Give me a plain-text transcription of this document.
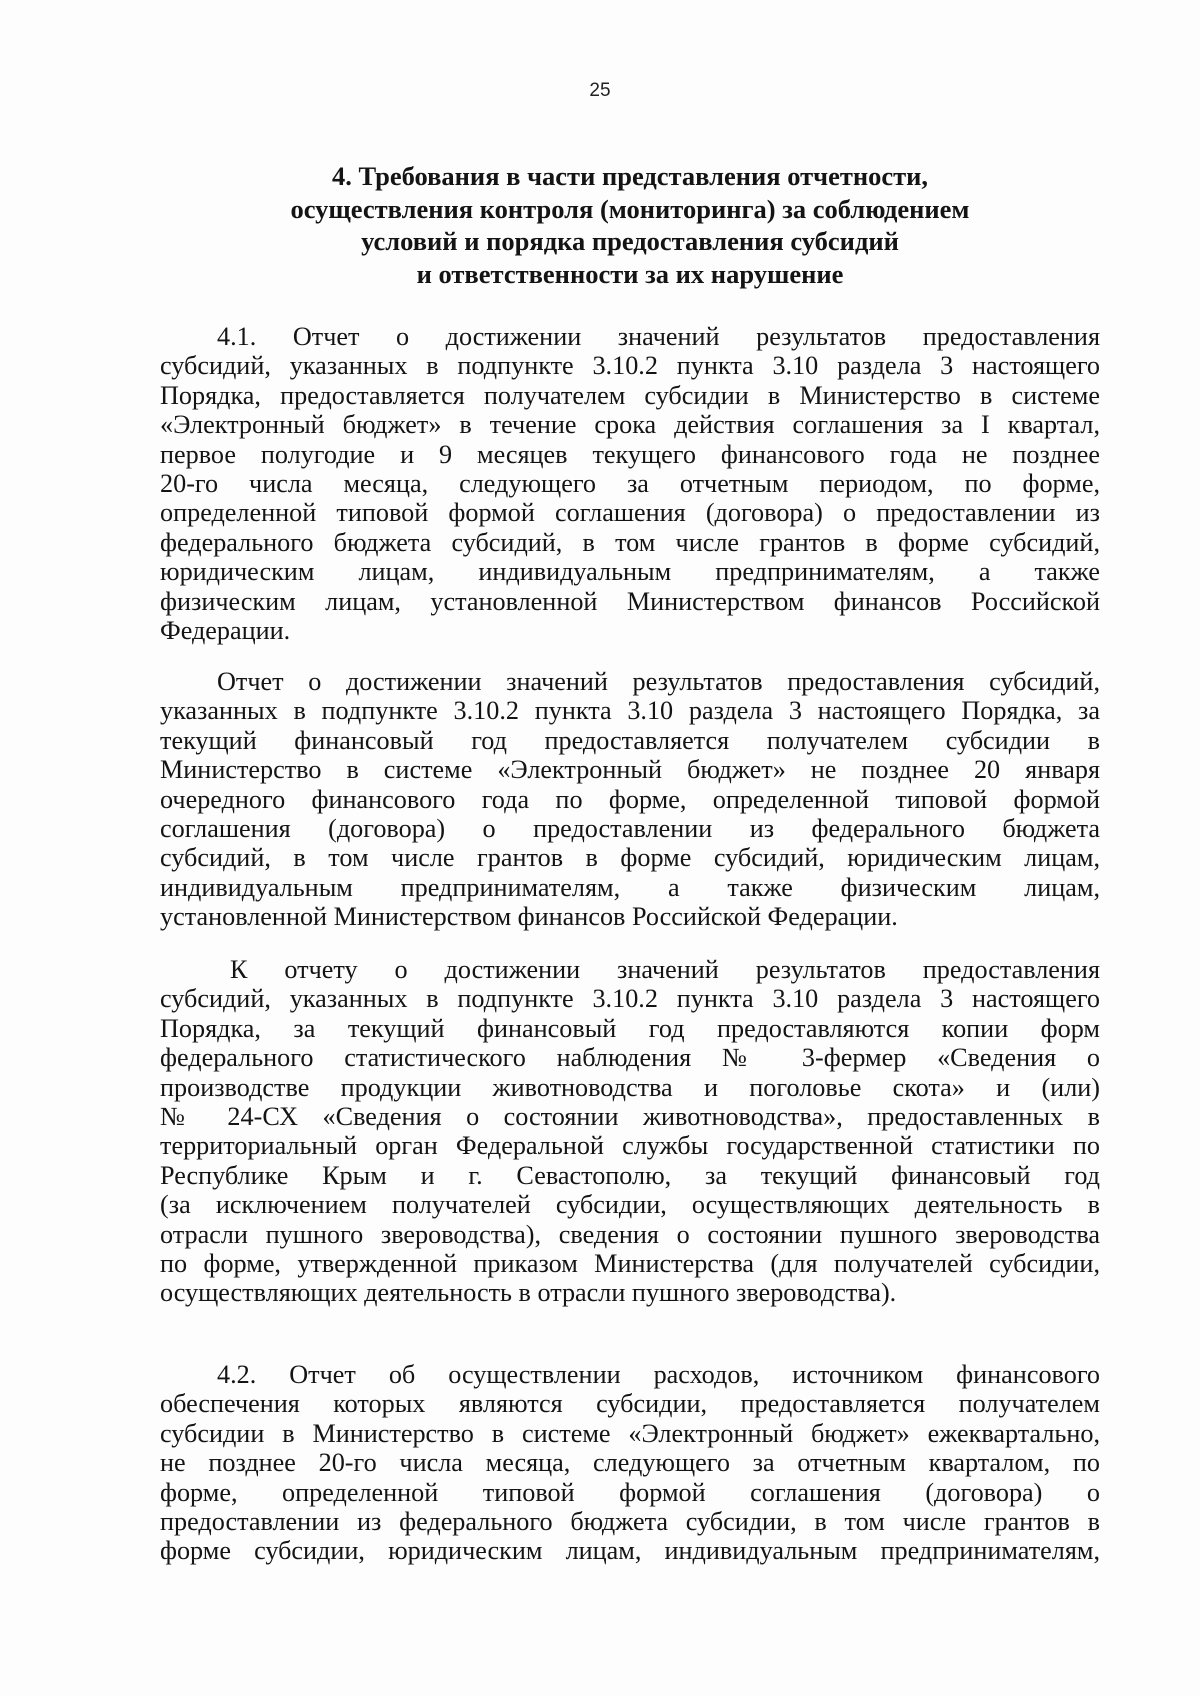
25
4. Требования в части представления отчетности,
осуществления контроля (мониторинга) за соблюдением
условий и порядка предоставления субсидий
и ответственности за их нарушение
4.1. Отчет о достижении значений результатов предоставления
субсидий, указанных в подпункте 3.10.2 пункта 3.10 раздела 3 настоящего
Порядка, предоставляется получателем субсидии в Министерство в системе
«Электронный бюджет» в течение срока действия соглашения за I квартал,
первое полугодие и 9 месяцев текущего финансового года не позднее
20-го числа месяца, следующего за отчетным периодом, по форме,
определенной типовой формой соглашения (договора) о предоставлении из
федерального бюджета субсидий, в том числе грантов в форме субсидий,
юридическим лицам, индивидуальным предпринимателям, а также
физическим лицам, установленной Министерством финансов Российской
Федерации.
Отчет о достижении значений результатов предоставления субсидий,
указанных в подпункте 3.10.2 пункта 3.10 раздела 3 настоящего Порядка, за
текущий финансовый год предоставляется получателем субсидии в
Министерство в системе «Электронный бюджет» не позднее 20 января
очередного финансового года по форме, определенной типовой формой
соглашения (договора) о предоставлении из федерального бюджета
субсидий, в том числе грантов в форме субсидий, юридическим лицам,
индивидуальным предпринимателям, а также физическим лицам,
установленной Министерством финансов Российской Федерации.
К отчету о достижении значений результатов предоставления
субсидий, указанных в подпункте 3.10.2 пункта 3.10 раздела 3 настоящего
Порядка, за текущий финансовый год предоставляются копии форм
федерального статистического наблюдения № 3-фермер «Сведения о
производстве продукции животноводства и поголовье скота» и (или)
№ 24-СХ «Сведения о состоянии животноводства», предоставленных в
территориальный орган Федеральной службы государственной статистики по
Республике Крым и г. Севастополю, за текущий финансовый год
(за исключением получателей субсидии, осуществляющих деятельность в
отрасли пушного звероводства), сведения о состоянии пушного звероводства
по форме, утвержденной приказом Министерства (для получателей субсидии,
осуществляющих деятельность в отрасли пушного звероводства).
4.2. Отчет об осуществлении расходов, источником финансового
обеспечения которых являются субсидии, предоставляется получателем
субсидии в Министерство в системе «Электронный бюджет» ежеквартально,
не позднее 20-го числа месяца, следующего за отчетным кварталом, по
форме, определенной типовой формой соглашения (договора) о
предоставлении из федерального бюджета субсидии, в том числе грантов в
форме субсидии, юридическим лицам, индивидуальным предпринимателям,
